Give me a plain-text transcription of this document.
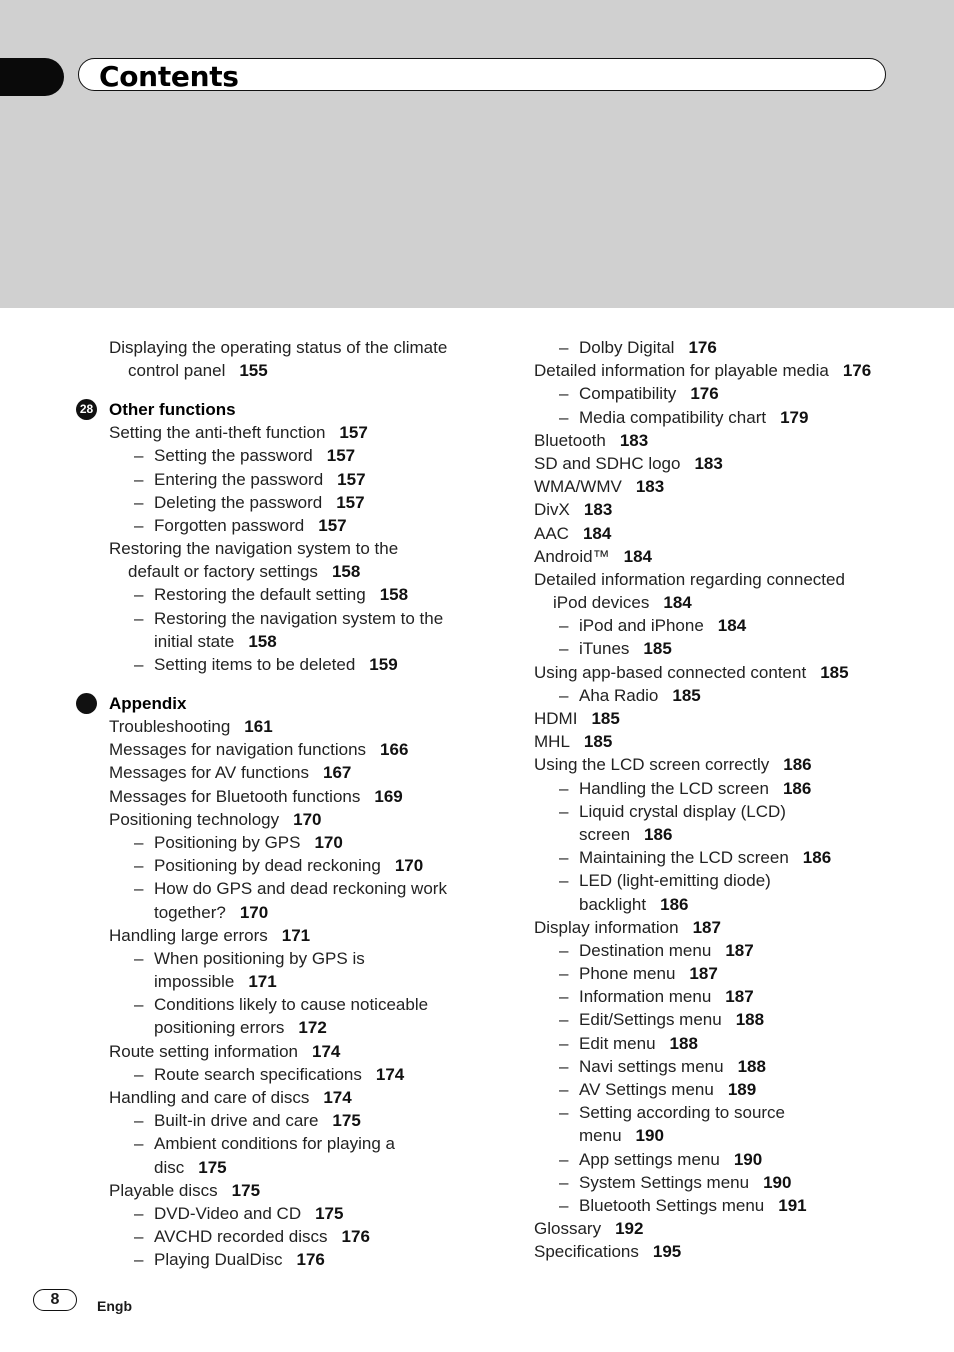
Contents
Displaying the operating status of the climate
control panel 155
28 Other functions
Setting the anti-theft function 157
– Setting the password 157
– Entering the password 157
– Deleting the password 157
– Forgotten password 157
Restoring the navigation system to the
default or factory settings 158
– Restoring the default setting 158
– Restoring the navigation system to the
initial state 158
– Setting items to be deleted 159
Appendix
Troubleshooting 161
Messages for navigation functions 166
Messages for AV functions 167
Messages for Bluetooth functions 169
Positioning technology 170
– Positioning by GPS 170
– Positioning by dead reckoning 170
– How do GPS and dead reckoning work
together? 170
Handling large errors 171
– When positioning by GPS is
impossible 171
– Conditions likely to cause noticeable
positioning errors 172
Route setting information 174
– Route search specifications 174
Handling and care of discs 174
– Built-in drive and care 175
– Ambient conditions for playing a
disc 175
Playable discs 175
– DVD-Video and CD 175
– AVCHD recorded discs 176
– Playing DualDisc 176
– Dolby Digital 176
Detailed information for playable media 176
– Compatibility 176
– Media compatibility chart 179
Bluetooth 183
SD and SDHC logo 183
WMA/WMV 183
DivX 183
AAC 184
Android™ 184
Detailed information regarding connected
iPod devices 184
– iPod and iPhone 184
– iTunes 185
Using app-based connected content 185
– Aha Radio 185
HDMI 185
MHL 185
Using the LCD screen correctly 186
– Handling the LCD screen 186
– Liquid crystal display (LCD)
screen 186
– Maintaining the LCD screen 186
– LED (light-emitting diode)
backlight 186
Display information 187
– Destination menu 187
– Phone menu 187
– Information menu 187
– Edit/Settings menu 188
– Edit menu 188
– Navi settings menu 188
– AV Settings menu 189
– Setting according to source
menu 190
– App settings menu 190
– System Settings menu 190
– Bluetooth Settings menu 191
Glossary 192
Specifications 195
8	Engb
